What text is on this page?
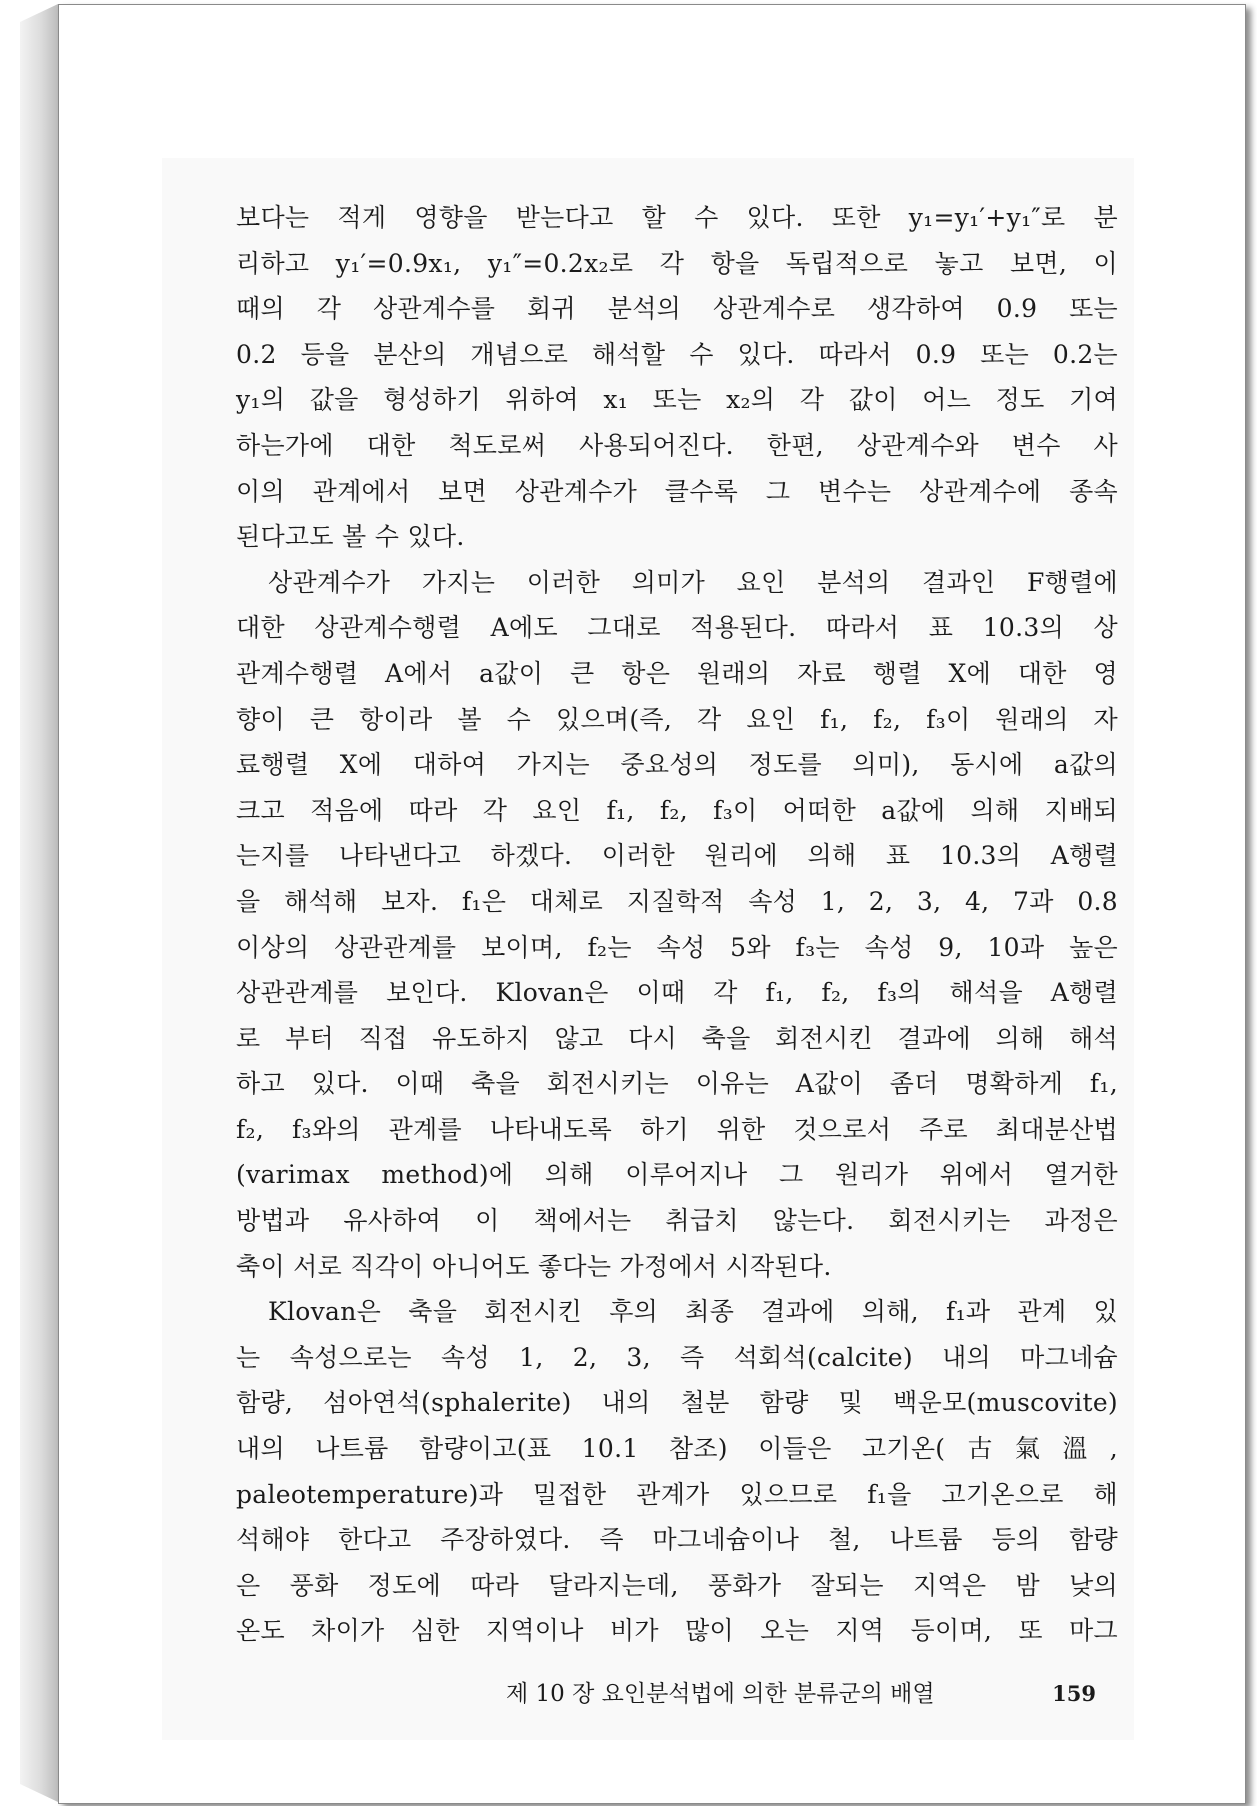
보다는 적게 영향을 받는다고 할 수 있다. 또한 y₁=y₁′+y₁″로 분
리하고 y₁′=0.9x₁, y₁″=0.2x₂로 각 항을 독립적으로 놓고 보면, 이
때의 각 상관계수를 회귀 분석의 상관계수로 생각하여 0.9 또는
0.2 등을 분산의 개념으로 해석할 수 있다. 따라서 0.9 또는 0.2는
y₁의 값을 형성하기 위하여 x₁ 또는 x₂의 각 값이 어느 정도 기여
하는가에 대한 척도로써 사용되어진다. 한편, 상관계수와 변수 사
이의 관계에서 보면 상관계수가 클수록 그 변수는 상관계수에 종속
된다고도 볼 수 있다.
상관계수가 가지는 이러한 의미가 요인 분석의 결과인 F행렬에
대한 상관계수행렬 A에도 그대로 적용된다. 따라서 표 10.3의 상
관계수행렬 A에서 a값이 큰 항은 원래의 자료 행렬 X에 대한 영
향이 큰 항이라 볼 수 있으며(즉, 각 요인 f₁, f₂, f₃이 원래의 자
료행렬 X에 대하여 가지는 중요성의 정도를 의미), 동시에 a값의
크고 적음에 따라 각 요인 f₁, f₂, f₃이 어떠한 a값에 의해 지배되
는지를 나타낸다고 하겠다. 이러한 원리에 의해 표 10.3의 A행렬
을 해석해 보자. f₁은 대체로 지질학적 속성 1, 2, 3, 4, 7과 0.8
이상의 상관관계를 보이며, f₂는 속성 5와 f₃는 속성 9, 10과 높은
상관관계를 보인다. Klovan은 이때 각 f₁, f₂, f₃의 해석을 A행렬
로 부터 직접 유도하지 않고 다시 축을 회전시킨 결과에 의해 해석
하고 있다. 이때 축을 회전시키는 이유는 A값이 좀더 명확하게 f₁,
f₂, f₃와의 관계를 나타내도록 하기 위한 것으로서 주로 최대분산법
(varimax method)에 의해 이루어지나 그 원리가 위에서 열거한
방법과 유사하여 이 책에서는 취급치 않는다. 회전시키는 과정은
축이 서로 직각이 아니어도 좋다는 가정에서 시작된다.
Klovan은 축을 회전시킨 후의 최종 결과에 의해, f₁과 관계 있
는 속성으로는 속성 1, 2, 3, 즉 석회석(calcite) 내의 마그네슘
함량, 섬아연석(sphalerite) 내의 철분 함량 및 백운모(muscovite)
내의 나트륨 함량이고(표 10.1 참조) 이들은 고기온(古氣溫,
paleotemperature)과 밀접한 관계가 있으므로 f₁을 고기온으로 해
석해야 한다고 주장하였다. 즉 마그네슘이나 철, 나트륨 등의 함량
은 풍화 정도에 따라 달라지는데, 풍화가 잘되는 지역은 밤 낮의
온도 차이가 심한 지역이나 비가 많이 오는 지역 등이며, 또 마그
제 10 장 요인분석법에 의한 분류군의 배열	159
